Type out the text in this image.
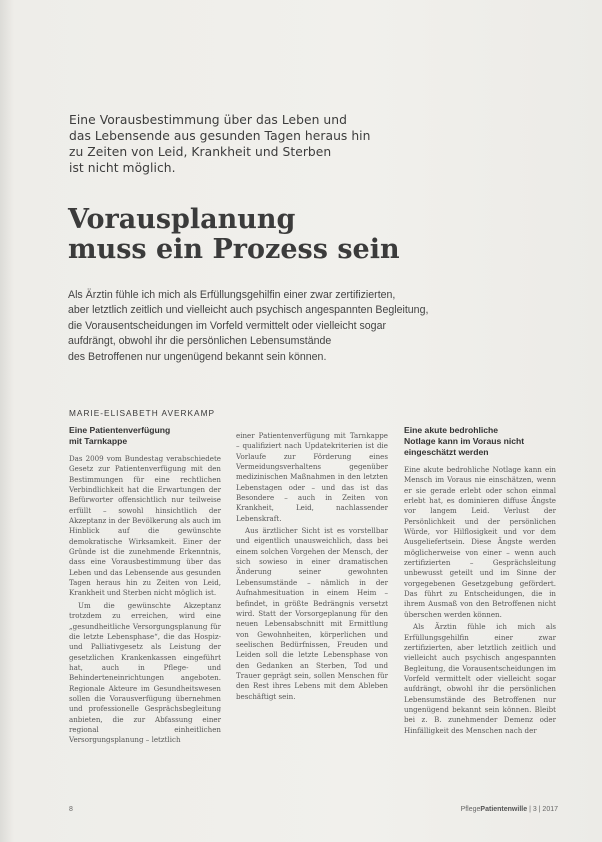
Eine Vorausbestimmung über das Leben und
das Lebensende aus gesunden Tagen heraus hin
zu Zeiten von Leid, Krankheit und Sterben
ist nicht möglich.
Vorausplanung
muss ein Prozess sein
Als Ärztin fühle ich mich als Erfüllungsgehilfin einer zwar zertifizierten,
aber letztlich zeitlich und vielleicht auch psychisch angespannten Begleitung,
die Vorausentscheidungen im Vorfeld vermittelt oder vielleicht sogar
aufdrängt, obwohl ihr die persönlichen Lebensumstände
des Betroffenen nur ungenügend bekannt sein können.
MARIE-ELISABETH AVERKAMP
Eine Patientenverfügung
mit Tarnkappe

Das 2009 vom Bundestag verabschiedete Gesetz zur Patientenverfügung mit den Bestimmungen für eine rechtlichen Verbindlichkeit hat die Erwartungen der Befürworter offensichtlich nur teilweise erfüllt – sowohl hinsichtlich der Akzeptanz in der Bevölkerung als auch im Hinblick auf die gewünschte demokratische Wirksamkeit. Einer der Gründe ist die zunehmende Erkenntnis, dass eine Vorausbestimmung über das Leben und das Lebensende aus gesunden Tagen heraus hin zu Zeiten von Leid, Krankheit und Sterben nicht möglich ist.

Um die gewünschte Akzeptanz trotzdem zu erreichen, wird eine „gesundheitliche Versorgungsplanung für die letzte Lebensphase“, die das Hospiz- und Palliativgesetz als Leistung der gesetzlichen Krankenkassen eingeführt hat, auch in Pflege- und Behinderteneinrichtungen angeboten. Regionale Akteure im Gesundheitswesen sollen die Vorausverfügung übernehmen und professionelle Gesprächsbegleitung anbieten, die zur Abfassung einer regional einheitlichen Versorgungsplanung – letztlich

einer Patientenverfügung mit Tarnkappe – qualifiziert nach Updatekriterien ist die Vorlaufe zur Förderung eines Vermeidungsverhaltens gegenüber medizinischen Maßnahmen in den letzten Lebenstagen oder – und das ist das Besondere – auch in Zeiten von Krankheit, Leid, nachlassender Lebenskraft.

Aus ärztlicher Sicht ist es vorstellbar und eigentlich unausweichlich, dass bei einem solchen Vorgehen der Mensch, der sich sowieso in einer dramatischen Änderung seiner gewohnten Lebensumstände – nämlich in der Aufnahmesituation in einem Heim – befindet, in größte Bedrängnis versetzt wird. Statt der Vorsorgeplanung für den neuen Lebensabschnitt mit Ermittlung von Gewohnheiten, körperlichen und seelischen Bedürfnissen, Freuden und Leiden soll die letzte Lebensphase von den Gedanken an Sterben, Tod und Trauer geprägt sein, sollen Menschen für den Rest ihres Lebens mit dem Ableben beschäftigt sein.

Eine akute bedrohliche
Notlage kann im Voraus nicht
eingeschätzt werden

Eine akute bedrohliche Notlage kann ein Mensch im Voraus nie einschätzen, wenn er sie gerade erlebt oder schon einmal erlebt hat, es dominieren diffuse Ängste vor langem Leid. Verlust der Persönlichkeit und der persönlichen Würde, vor Hilflosigkeit und vor dem Ausgeliefertsein. Diese Ängste werden möglicherweise von einer – wenn auch zertifizierten – Gesprächsleitung unbewusst geteilt und im Sinne der vorgegebenen Gesetzgebung gefördert. Das führt zu Entscheidungen, die in ihrem Ausmaß von den Betroffenen nicht überschen werden können.

Als Ärztin fühle ich mich als Erfüllungsgehilfin einer zwar zertifizierten, aber letztlich zeitlich und vielleicht auch psychisch angespannten Begleitung, die Vorausentscheidungen im Vorfeld vermittelt oder vielleicht sogar aufdrängt, obwohl ihr die persönlichen Lebensumstände des Betroffenen nur ungenügend bekannt sein können. Bleibt bei z. B. zunehmender Demenz oder Hinfälligkeit des Menschen nach der

8	PflegePatientenwille | 3 | 2017
